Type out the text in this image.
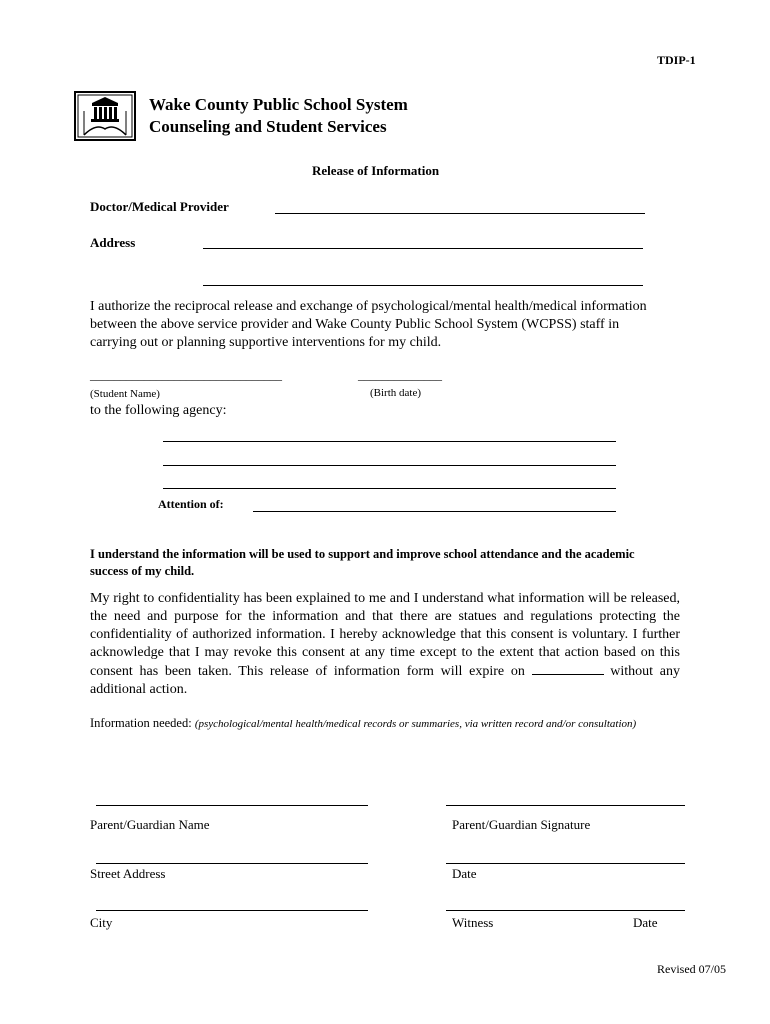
TDIP-1
Wake County Public School System
Counseling and Student Services
Release of Information
Doctor/Medical Provider
Address
I authorize the reciprocal release and exchange of psychological/mental health/medical information between the above service provider and Wake County Public School System (WCPSS) staff in carrying out or planning supportive interventions for my child.
________________________________	______________
(Student Name)	(Birth date)
to the following agency:
Attention of:
I understand the information will be used to support and improve school attendance and the academic success of my child.
My right to confidentiality has been explained to me and I understand what information will be released, the need and purpose for the information and that there are statues and regulations protecting the confidentiality of authorized information. I hereby acknowledge that this consent is voluntary. I further acknowledge that I may revoke this consent at any time except to the extent that action based on this consent has been taken. This release of information form will expire on	without any additional action.
Information needed: (psychological/mental health/medical records or summaries, via written record and/or consultation)
Parent/Guardian Name	Parent/Guardian Signature
Street Address	Date
City	Witness	Date
Revised 07/05
